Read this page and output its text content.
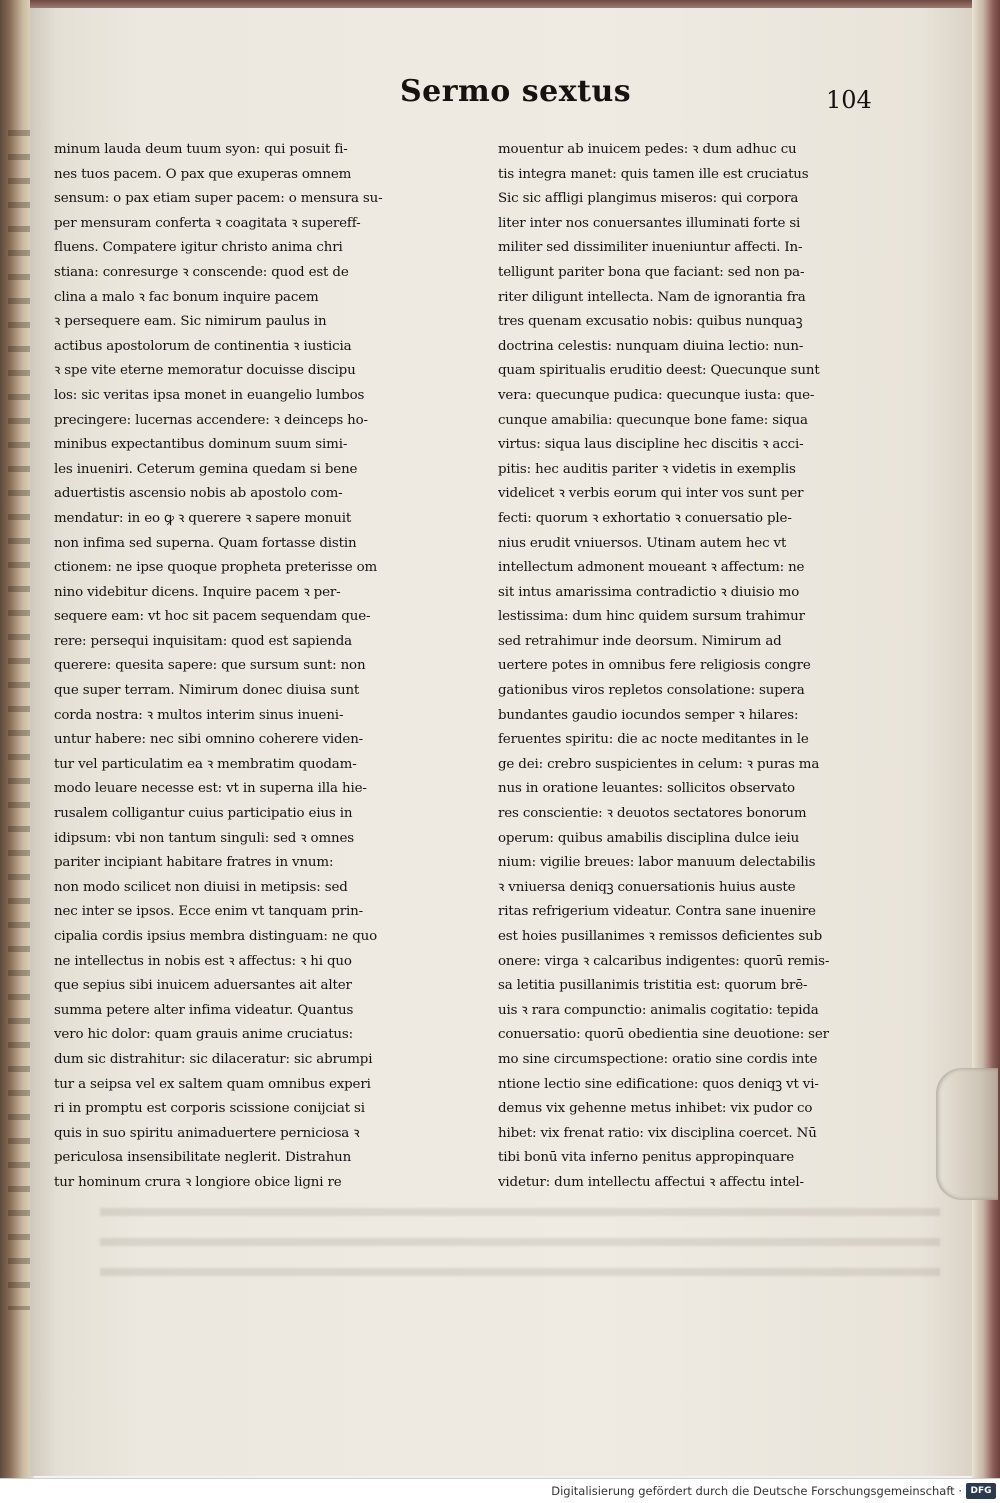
Sermo sextus	104
minum lauda deum tuum syon: qui posuit fi-
nes tuos pacem. O pax que exuperas omnem
sensum: o pax etiam super pacem: o mensura su-
per mensuram conferta ꝛ coagitata ꝛ supereff-
fluens. Compatere igitur christo anima chri
stiana: conresurge ꝛ conscende: quod est de
clina a malo ꝛ fac bonum inquire pacem
ꝛ persequere eam. Sic nimirum paulus in
actibus apostolorum de continentia ꝛ iusticia
ꝛ spe vite eterne memoratur docuisse discipu
los: sic veritas ipsa monet in euangelio lumbos
precingere: lucernas accendere: ꝛ deinceps ho-
minibus expectantibus dominum suum simi-
les inueniri. Ceterum gemina quedam si bene
aduertistis ascensio nobis ab apostolo com-
mendatur: in eo ꝙ ꝛ querere ꝛ sapere monuit
non infima sed superna. Quam fortasse distin
ctionem: ne ipse quoque propheta preterisse om
nino videbitur dicens. Inquire pacem ꝛ per-
sequere eam: vt hoc sit pacem sequendam que-
rere: persequi inquisitam: quod est sapienda
querere: quesita sapere: que sursum sunt: non
que super terram. Nimirum donec diuisa sunt
corda nostra: ꝛ multos interim sinus inueni-
untur habere: nec sibi omnino coherere viden-
tur vel particulatim ea ꝛ membratim quodam-
modo leuare necesse est: vt in superna illa hie-
rusalem colligantur cuius participatio eius in
idipsum: vbi non tantum singuli: sed ꝛ omnes
pariter incipiant habitare fratres in vnum:
non modo scilicet non diuisi in metipsis: sed
nec inter se ipsos. Ecce enim vt tanquam prin-
cipalia cordis ipsius membra distinguam: ne quo
ne intellectus in nobis est ꝛ affectus: ꝛ hi quo
que sepius sibi inuicem aduersantes ait alter
summa petere alter infima videatur. Quantus
vero hic dolor: quam grauis anime cruciatus:
dum sic distrahitur: sic dilaceratur: sic abrumpi
tur a seipsa vel ex saltem quam omnibus experi
ri in promptu est corporis scissione conijciat si
quis in suo spiritu animaduertere perniciosa ꝛ
periculosa insensibilitate neglerit. Distrahun
tur hominum crura ꝛ longiore obice ligni re
mouentur ab inuicem pedes: ꝛ dum adhuc cu
tis integra manet: quis tamen ille est cruciatus
Sic sic affligi plangimus miseros: qui corpora
liter inter nos conuersantes illuminati forte si
militer sed dissimiliter inueniuntur affecti. In-
telligunt pariter bona que faciant: sed non pa-
riter diligunt intellecta. Nam de ignorantia fra
tres quenam excusatio nobis: quibus nunquaꝫ
doctrina celestis: nunquam diuina lectio: nun-
quam spiritualis eruditio deest: Quecunque sunt
vera: quecunque pudica: quecunque iusta: que-
cunque amabilia: quecunque bone fame: siqua
virtus: siqua laus discipline hec discitis ꝛ acci-
pitis: hec auditis pariter ꝛ videtis in exemplis
videlicet ꝛ verbis eorum qui inter vos sunt per
fecti: quorum ꝛ exhortatio ꝛ conuersatio ple-
nius erudit vniuersos. Utinam autem hec vt
intellectum admonent moueant ꝛ affectum: ne
sit intus amarissima contradictio ꝛ diuisio mo
lestissima: dum hinc quidem sursum trahimur
sed retrahimur inde deorsum. Nimirum ad
uertere potes in omnibus fere religiosis congre
gationibus viros repletos consolatione: supera
bundantes gaudio iocundos semper ꝛ hilares:
feruentes spiritu: die ac nocte meditantes in le
ge dei: crebro suspicientes in celum: ꝛ puras ma
nus in oratione leuantes: sollicitos observato
res conscientie: ꝛ deuotos sectatores bonorum
operum: quibus amabilis disciplina dulce ieiu
nium: vigilie breues: labor manuum delectabilis
ꝛ vniuersa deniqꝫ conuersationis huius auste
ritas refrigerium videatur. Contra sane inuenire
est hoies pusillanimes ꝛ remissos deficientes sub
onere: virga ꝛ calcaribus indigentes: quorū remis-
sa letitia pusillanimis tristitia est: quorum brē-
uis ꝛ rara compunctio: animalis cogitatio: tepida
conuersatio: quorū obedientia sine deuotione: ser
mo sine circumspectione: oratio sine cordis inte
ntione lectio sine edificatione: quos deniqꝫ vt vi-
demus vix gehenne metus inhibet: vix pudor co
hibet: vix frenat ratio: vix disciplina coercet. Nū
tibi bonū vita inferno penitus appropinquare
videtur: dum intellectu affectui ꝛ affectu intel-
Digitalisierung gefördert durch die Deutsche Forschungsgemeinschaft · DFG
